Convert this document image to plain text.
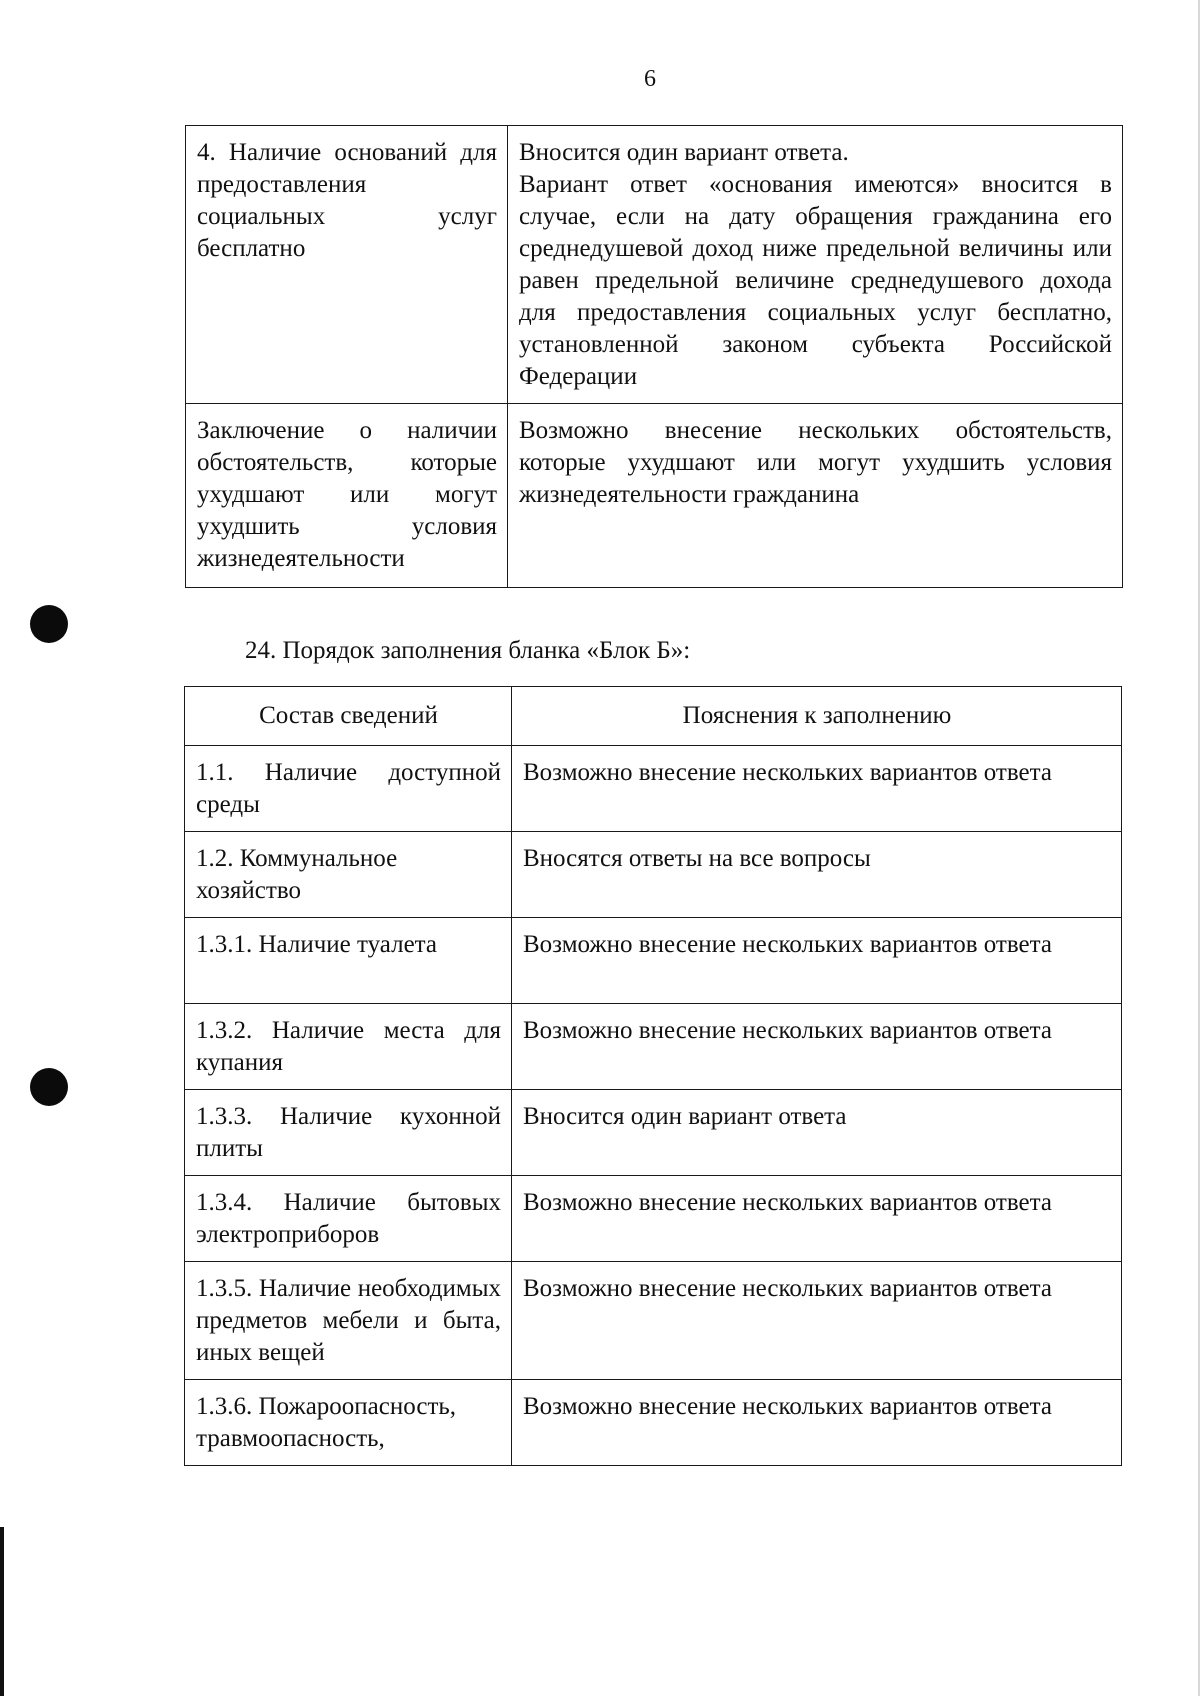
6
4. Наличие оснований для предоставления социальных услуг бесплатно	Вносится один вариант ответа.
Вариант ответ «основания имеются» вносится в случае, если на дату обращения гражданина его среднедушевой доход ниже предельной величины или равен предельной величине среднедушевого дохода для предоставления социальных услуг бесплатно, установленной законом субъекта Российской Федерации

Заключение о наличии обстоятельств, которые ухудшают или могут ухудшить условия жизнедеятельности	Возможно внесение нескольких обстоятельств, которые ухудшают или могут ухудшить условия жизнедеятельности гражданина
24. Порядок заполнения бланка «Блок Б»:
Состав сведений	Пояснения к заполнению
1.1. Наличие доступной среды	Возможно внесение нескольких вариантов ответа
1.2. Коммунальное хозяйство	Вносятся ответы на все вопросы
1.3.1. Наличие туалета	Возможно внесение нескольких вариантов ответа
1.3.2. Наличие места для купания	Возможно внесение нескольких вариантов ответа
1.3.3. Наличие кухонной плиты	Вносится один вариант ответа
1.3.4. Наличие бытовых электроприборов	Возможно внесение нескольких вариантов ответа
1.3.5. Наличие необходимых предметов мебели и быта, иных вещей	Возможно внесение нескольких вариантов ответа
1.3.6. Пожароопасность, травмоопасность,	Возможно внесение нескольких вариантов ответа
